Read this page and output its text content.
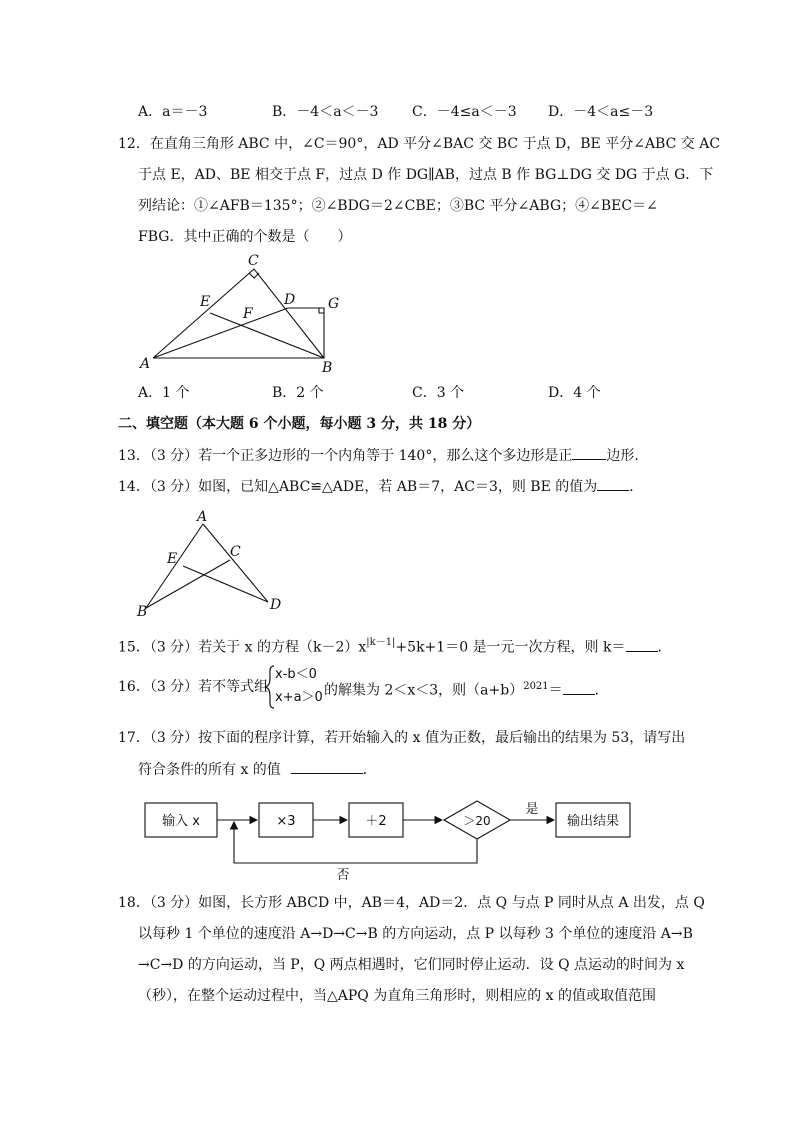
A．a＝－3	B．－4＜a＜－3 C．－4≤a＜－3 D．－4＜a≤－3
12．在直角三角形 ABC 中，∠C＝90°，AD 平分∠BAC 交 BC 于点 D，BE 平分∠ABC 交 AC
于点 E，AD、BE 相交于点 F，过点 D 作 DG∥AB，过点 B 作 BG⊥DG 交 DG 于点 G．下
列结论：①∠AFB＝135°；②∠BDG＝2∠CBE；③BC 平分∠ABG；④∠BEC＝∠
FBG．其中正确的个数是（　　）
C
E	D G
F
A	B
A．1 个	B．2 个	C．3 个	D．4 个
二、填空题（本大题 6 个小题，每小题 3 分，共 18 分）
13．（3 分）若一个正多边形的一个内角等于 140°，那么这个多边形是正 边形．
14．（3 分）如图，已知△ABC≌△ADE，若 AB＝7，AC＝3，则 BE 的值为 ．
A
E	C
B	D
15．（3 分）若关于 x 的方程$(k-2)x^{|k-1|}+5k+1=0$ 是一元一次方程，则 k＝ ．
16．（3 分）若不等式组
x-b＜0
x+a＞0 的解集为 2＜x＜3，则$(a+b)^{2021}=$ ．
17．（3 分）按下面的程序计算，若开始输入的 x 值为正数，最后输出的结果为 53，请写出
符合条件的所有 x 的值	．
输入 x	×3	＋2	＞20	输出结果
是
否
18．（3 分）如图，长方形 ABCD 中，AB＝4，AD＝2．点 Q 与点 P 同时从点 A 出发，点 Q
以每秒 1 个单位的速度沿 A→D→C→B 的方向运动，点 P 以每秒 3 个单位的速度沿 A→B
→C→D 的方向运动，当 P，Q 两点相遇时，它们同时停止运动．设 Q 点运动的时间为 x
（秒），在整个运动过程中，当△APQ 为直角三角形时，则相应的 x 的值或取值范围
